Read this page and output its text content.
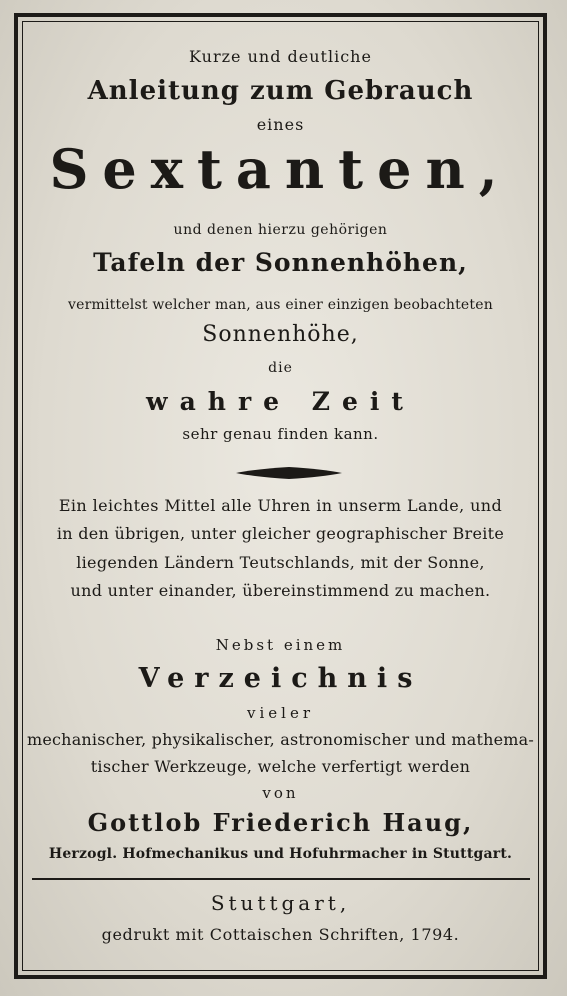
Kurze und deutliche
Anleitung zum Gebrauch
eines
Sextanten,
und denen hierzu gehörigen
Tafeln der Sonnenhöhen,
vermittelst welcher man, aus einer einzigen beobachteten
Sonnenhöhe,
die
wahre Zeit
sehr genau finden kann.
Ein leichtes Mittel alle Uhren in unserm Lande, und
in den übrigen, unter gleicher geographischer Breite
liegenden Ländern Teutschlands, mit der Sonne,
und unter einander, übereinstimmend zu machen.
Nebst einem
Verzeichnis
vieler
mechanischer, physikalischer, astronomischer und mathema-
tischer Werkzeuge, welche verfertigt werden
von
Gottlob Friederich Haug,
Herzogl. Hofmechanikus und Hofuhrmacher in Stuttgart.
Stuttgart,
gedrukt mit Cottaischen Schriften, 1794.
